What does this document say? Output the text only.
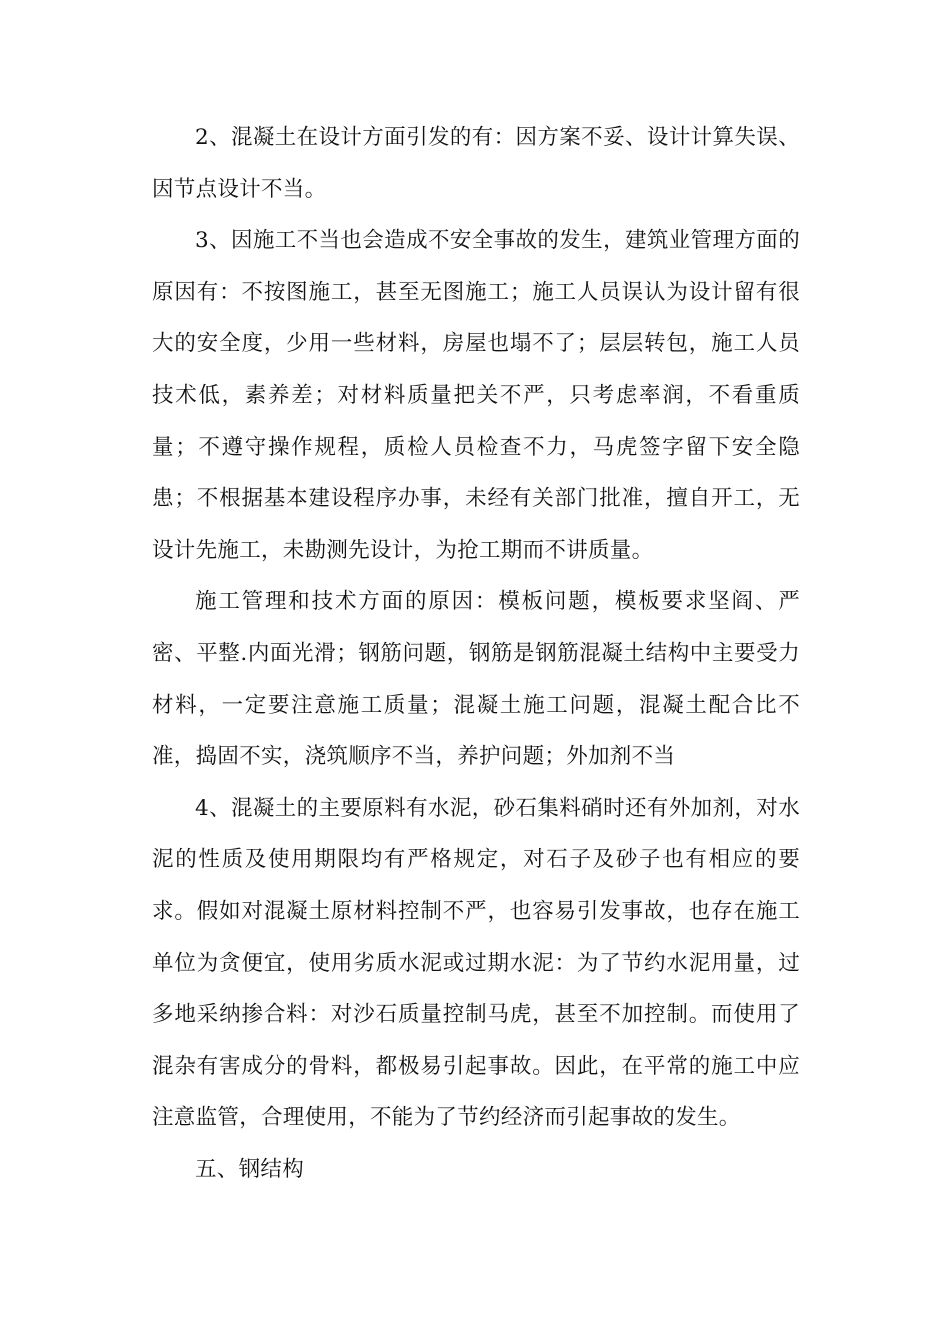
2、混凝土在设计方面引发的有：因方案不妥、设计计算失误、因节点设计不当。

3、因施工不当也会造成不安全事故的发生，建筑业管理方面的原因有：不按图施工，甚至无图施工；施工人员误认为设计留有很大的安全度，少用一些材料，房屋也塌不了；层层转包，施工人员技术低，素养差；对材料质量把关不严，只考虑率润，不看重质量；不遵守操作规程，质检人员检查不力，马虎签字留下安全隐患；不根据基本建设程序办事，未经有关部门批准，擅自开工，无设计先施工，未勘测先设计，为抢工期而不讲质量。

施工管理和技术方面的原因：模板问题，模板要求坚阎、严密、平整.内面光滑；钢筋问题，钢筋是钢筋混凝土结构中主要受力材料，一定要注意施工质量；混凝土施工问题，混凝土配合比不准，捣固不实，浇筑顺序不当，养护问题；外加剂不当

4、混凝土的主要原料有水泥，砂石集料硝时还有外加剂，对水泥的性质及使用期限均有严格规定，对石子及砂子也有相应的要求。假如对混凝土原材料控制不严，也容易引发事故，也存在施工单位为贪便宜，使用劣质水泥或过期水泥：为了节约水泥用量，过多地采纳掺合料：对沙石质量控制马虎，甚至不加控制。而使用了混杂有害成分的骨料，都极易引起事故。因此，在平常的施工中应注意监管，合理使用，不能为了节约经济而引起事故的发生。

五、钢结构
